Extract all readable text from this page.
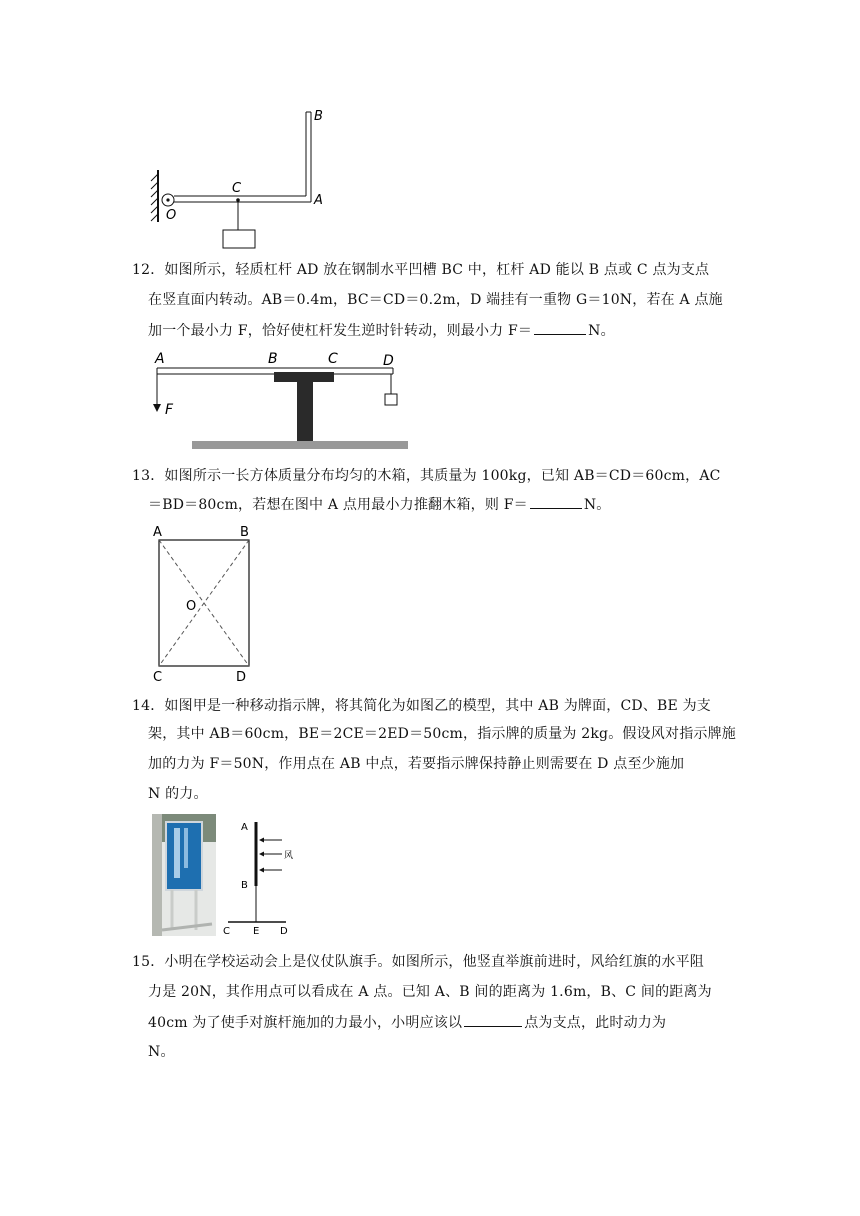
B
C
A
O
12．如图所示，轻质杠杆 AD 放在钢制水平凹槽 BC 中，杠杆 AD 能以 B 点或 C 点为支点
在竖直面内转动。AB＝0.4m，BC＝CD＝0.2m，D 端挂有一重物 G＝10N，若在 A 点施
加一个最小力 F，恰好使杠杆发生逆时针转动，则最小力 F＝	N。
A	B	C	D
F
13．如图所示一长方体质量分布均匀的木箱，其质量为 100kg，已知 AB＝CD＝60cm，AC
＝BD＝80cm，若想在图中 A 点用最小力推翻木箱，则 F＝	N。
A	B
O
C	D
14．如图甲是一种移动指示牌，将其简化为如图乙的模型，其中 AB 为牌面，CD、BE 为支
架，其中 AB＝60cm，BE＝2CE＝2ED＝50cm，指示牌的质量为 2kg。假设风对指示牌施
加的力为 F＝50N，作用点在 AB 中点，若要指示牌保持静止则需要在 D 点至少施加
N 的力。
A
B
风
C E D
15．小明在学校运动会上是仪仗队旗手。如图所示，他竖直举旗前进时，风给红旗的水平阻
力是 20N，其作用点可以看成在 A 点。已知 A、B 间的距离为 1.6m，B、C 间的距离为
40cm 为了使手对旗杆施加的力最小，小明应该以	点为支点，此时动力为
N。
